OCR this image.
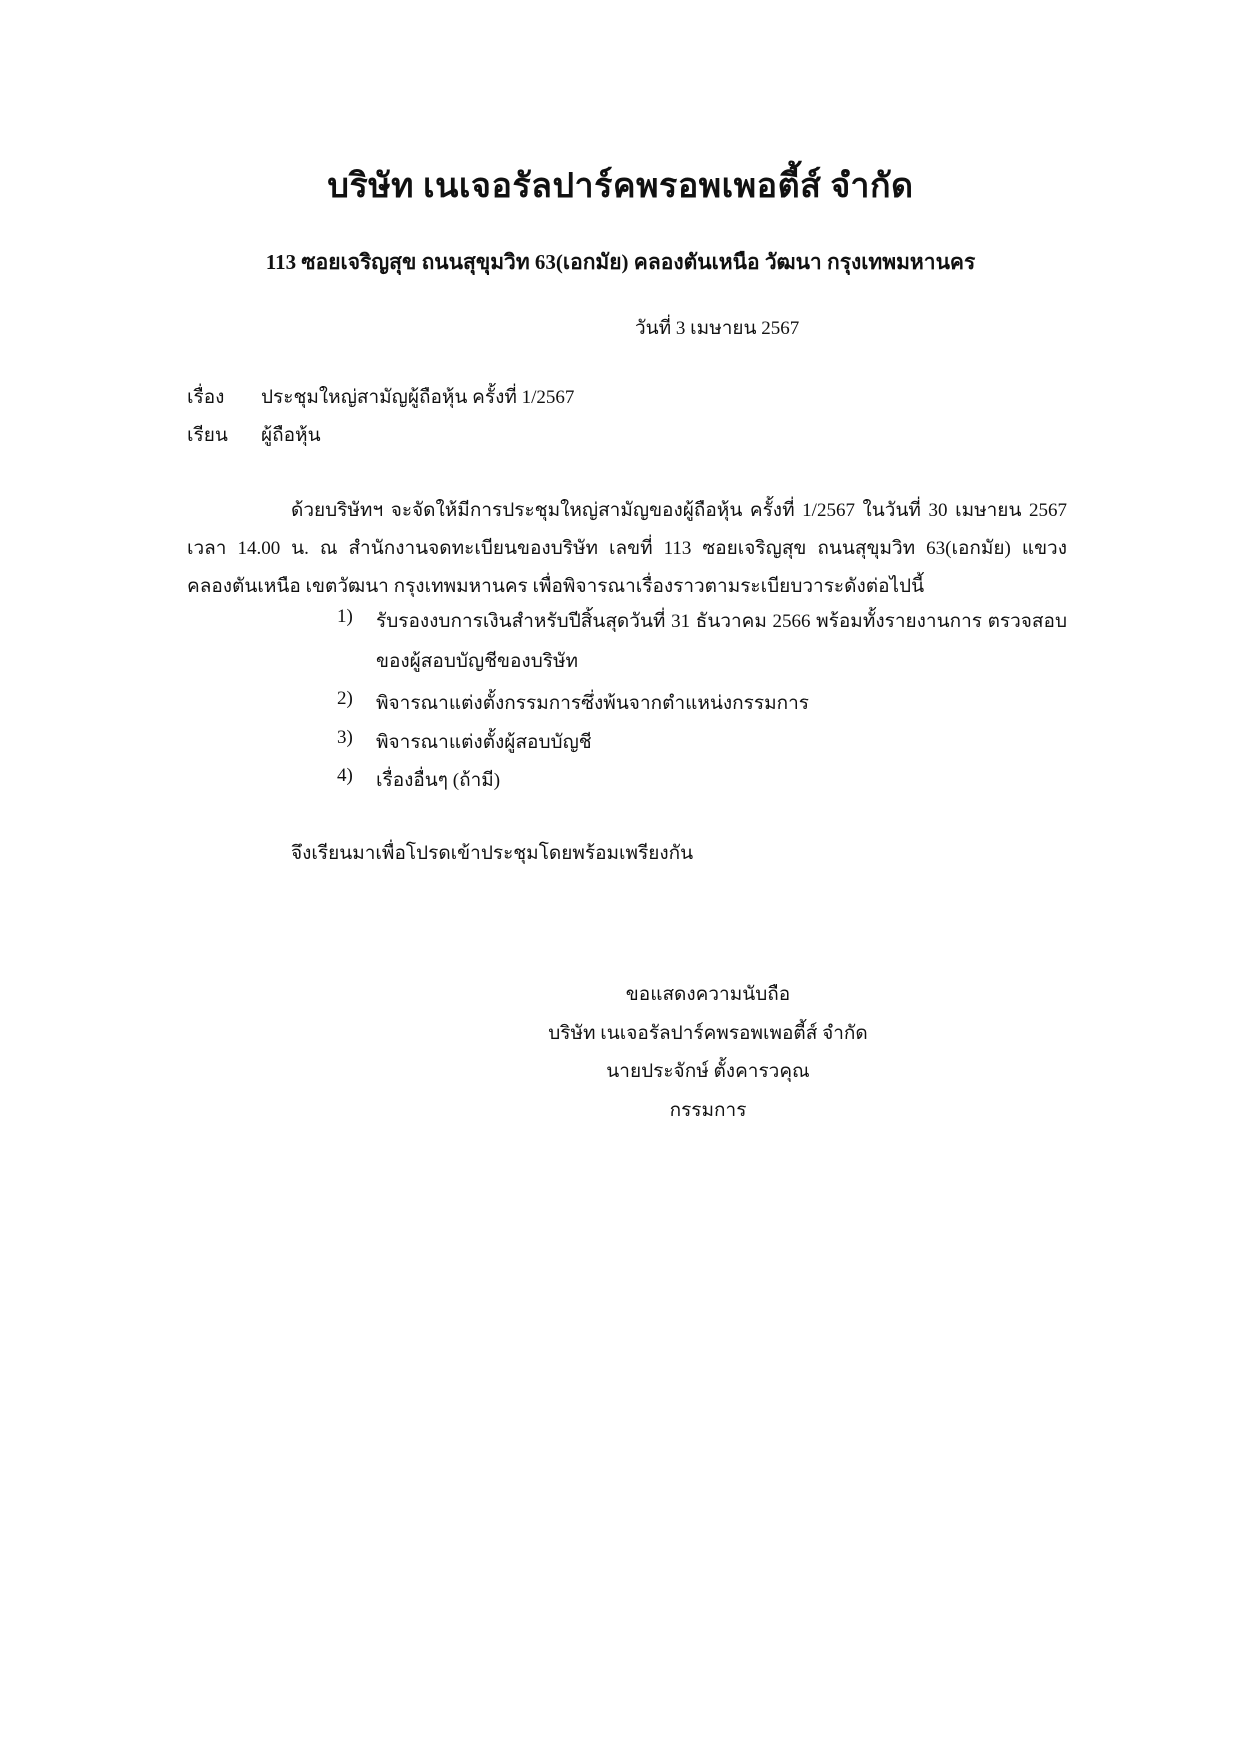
บริษัท เนเจอรัลปาร์คพรอพเพอตี้ส์ จำกัด
113 ซอยเจริญสุข ถนนสุขุมวิท 63(เอกมัย) คลองตันเหนือ วัฒนา กรุงเทพมหานคร
วันที่ 3 เมษายน 2567
เรื่อง ประชุมใหญ่สามัญผู้ถือหุ้น ครั้งที่ 1/2567
เรียน ผู้ถือหุ้น
ด้วยบริษัทฯ จะจัดให้มีการประชุมใหญ่สามัญของผู้ถือหุ้น ครั้งที่ 1/2567 ในวันที่ 30 เมษายน 2567
เวลา 14.00 น. ณ สำนักงานจดทะเบียนของบริษัท เลขที่ 113 ซอยเจริญสุข ถนนสุขุมวิท 63(เอกมัย) แขวง
คลองตันเหนือ เขตวัฒนา กรุงเทพมหานคร เพื่อพิจารณาเรื่องราวตามระเบียบวาระดังต่อไปนี้
1) รับรองงบการเงินสำหรับปีสิ้นสุดวันที่ 31 ธันวาคม 2566 พร้อมทั้งรายงานการ ตรวจสอบ
ของผู้สอบบัญชีของบริษัท
2) พิจารณาแต่งตั้งกรรมการซึ่งพ้นจากตำแหน่งกรรมการ
3) พิจารณาแต่งตั้งผู้สอบบัญชี
4) เรื่องอื่นๆ (ถ้ามี)
จึงเรียนมาเพื่อโปรดเข้าประชุมโดยพร้อมเพรียงกัน
ขอแสดงความนับถือ
บริษัท เนเจอรัลปาร์คพรอพเพอตี้ส์ จำกัด
นายประจักษ์ ตั้งคารวคุณ
กรรมการ
